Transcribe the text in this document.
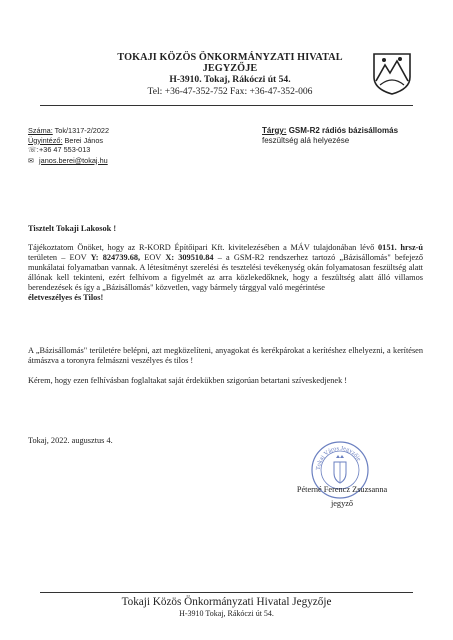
TOKAJI KÖZÖS ÖNKORMÁNYZATI HIVATAL
JEGYZŐJE
H-3910. Tokaj, Rákóczi út 54.
Tel: +36-47-352-752 Fax: +36-47-352-006
Száma: Tok/1317-2/2022
Ügyintéző: Berei János
☏: +36 47 553-013
✉ janos.berei@tokaj.hu
Tárgy: GSM-R2 rádiós bázisállomás
feszültség alá helyezése
Tisztelt Tokaji Lakosok !
Tájékoztatom Önöket, hogy az R-KORD Építőipari Kft. kivitelezésében a MÁV tulajdonában lévő 0151. hrsz-ú területen – EOV Y: 824739.68, EOV X: 309510.84 – a GSM-R2 rendszerhez tartozó „Bázisállomás" befejező munkálatai folyamatban vannak. A létesítményt szerelési és tesztelési tevékenység okán folyamatosan feszültség alatt állónak kell tekinteni, ezért felhívom a figyelmét az arra közlekedőknek, hogy a feszültség alatt álló villamos berendezések és így a „Bázisállomás" közvetlen, vagy bármely tárggyal való megérintése
életveszélyes és Tilos!
A „Bázisállomás" területére belépni, azt megközelíteni, anyagokat és kerékpárokat a kerítéshez elhelyezni, a kerítésen átmászva a toronyra felmászni veszélyes és tilos !
Kérem, hogy ezen felhívásban foglaltakat saját érdekükben szigorúan betartani szíveskedjenek !
Tokaj, 2022. augusztus 4.
Tokaj Város Jegyzője
Péterné Ferencz Zsuzsanna
jegyző
Tokaji Közös Önkormányzati Hivatal Jegyzője
H-3910 Tokaj, Rákóczi út 54.
